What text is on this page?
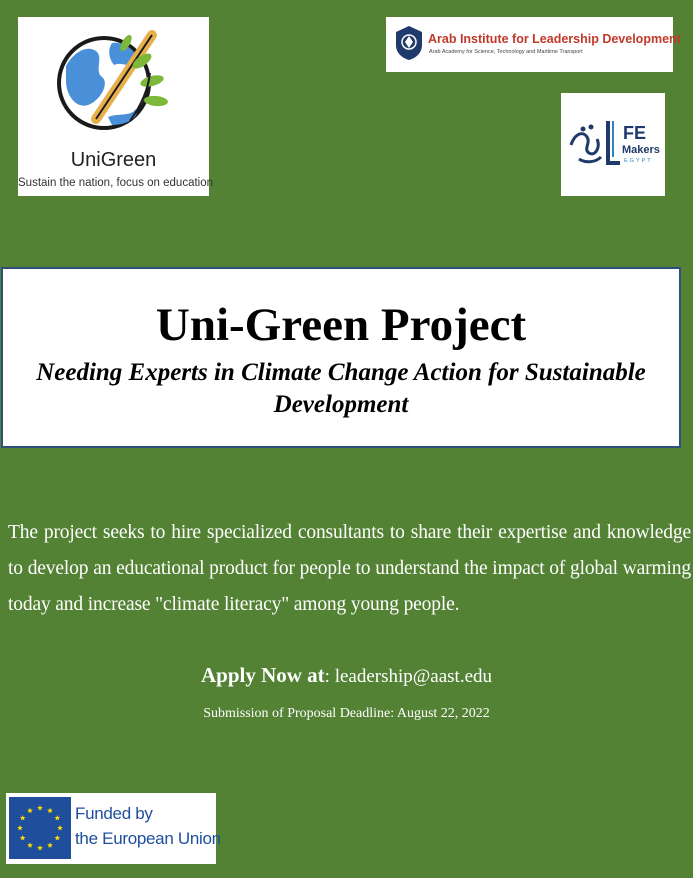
UniGreen
Sustain the nation, focus on education
Arab Institute for Leadership Development
Arab Academy for Science, Technology and Maritime Transport
FE
Makers
EGYPT
Uni-Green Project
Needing Experts in Climate Change Action for Sustainable Development
The project seeks to hire specialized consultants to share their expertise and knowledge to develop an educational product for people to understand the impact of global warming today and increase "climate literacy" among young people.
Apply Now at: leadership@aast.edu
Submission of Proposal Deadline: August 22, 2022
Funded by
the European Union
